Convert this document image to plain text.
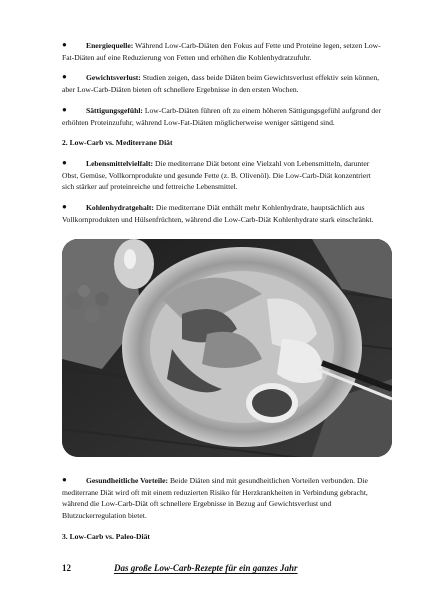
●	Energiequelle: Während Low-Carb-Diäten den Fokus auf Fette und Proteine legen, setzen Low-Fat-Diäten auf eine Reduzierung von Fetten und erhöhen die Kohlenhydratzufuhr.

●	Gewichtsverlust: Studien zeigen, dass beide Diäten beim Gewichtsverlust effektiv sein können, aber Low-Carb-Diäten bieten oft schnellere Ergebnisse in den ersten Wochen.

●	Sättigungsgefühl: Low-Carb-Diäten führen oft zu einem höheren Sättigungsgefühl aufgrund der erhöhten Proteinzufuhr, während Low-Fat-Diäten möglicherweise weniger sättigend sind.

2. Low-Carb vs. Mediterrane Diät

●	Lebensmittelvielfalt: Die mediterrane Diät betont eine Vielzahl von Lebensmitteln, darunter Obst, Gemüse, Vollkornprodukte und gesunde Fette (z. B. Olivenöl). Die Low-Carb-Diät konzentriert sich stärker auf proteinreiche und fettreiche Lebensmittel.

●	Kohlenhydratgehalt: Die mediterrane Diät enthält mehr Kohlenhydrate, hauptsächlich aus Vollkornprodukten und Hülsenfrüchten, während die Low-Carb-Diät Kohlenhydrate stark einschränkt.

●	Gesundheitliche Vorteile: Beide Diäten sind mit gesundheitlichen Vorteilen verbunden. Die mediterrane Diät wird oft mit einem reduzierten Risiko für Herzkrankheiten in Verbindung gebracht, während die Low-Carb-Diät oft schnellere Ergebnisse in Bezug auf Gewichtsverlust und Blutzuckerregulation bietet.

3. Low-Carb vs. Paleo-Diät

12	Das große Low-Carb-Rezepte für ein ganzes Jahr
